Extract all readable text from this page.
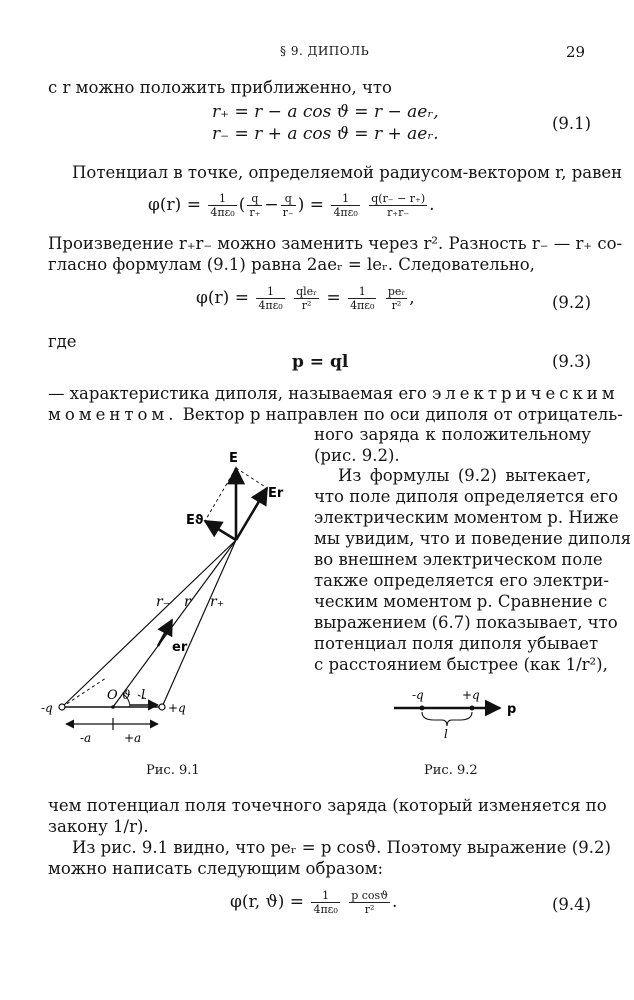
§ 9. ДИПОЛЬ	29
с r можно положить приближенно, что
r₊ = r − a cos ϑ = r − aeᵣ,
r₋ = r + a cos ϑ = r + aeᵣ.
(9.1)
Потенциал в точке, определяемой радиусом-вектором r, равен
$\varphi(r) = \frac{1}{\text{4πε₀}}$ ( $\frac{q}{r_+} - \frac{q}{r_-}$ ) = $\frac{1}{\text{4πε₀}}$
$\frac{q(r_- - r_+)}{r_+r_-}$ .
Произведение r₊r₋ можно заменить через r². Разность r₋ — r₊ со-
гласно формулам (9.1) равна 2aeᵣ = leᵣ. Следовательно,
$\varphi(r) = \frac{1}{\text{4πε₀}}$
$\frac{\text{qleᵣ}}{\text{r²}} = \frac{1}{\text{4πε₀}}$
$\frac{\text{peᵣ}}{\text{r²}}$ ,	(9.2)
где
p = ql	(9.3)
— характеристика диполя, называемая его электрическим
моментом. Вектор p направлен по оси диполя от отрицатель-
ного заряда к положительному
(рис. 9.2).
Из формулы (9.2) вытекает,
что поле диполя определяется его
электрическим моментом p. Ниже
мы увидим, что и поведение диполя
во внешнем электрическом поле
также определяется его электри-
ческим моментом p. Сравнение с
выражением (6.7) показывает, что
потенциал поля диполя убывает
с расстоянием быстрее (как 1/r²),
E
Er
Eϑ
r₋ r r₊
er
O ϑ l
-q	+q
-a	+a
Рис. 9.1
-q	+q
p
l
Рис. 9.2
чем потенциал поля точечного заряда (который изменяется по
закону 1/r).
Из рис. 9.1 видно, что peᵣ = p cosϑ. Поэтому выражение (9.2)
можно написать следующим образом:
φ(r, $ϑ) = \frac{1}{\text{4πε₀}}$
$\frac{\text{p cosϑ}}{\text{r²}}$ .	(9.4)
